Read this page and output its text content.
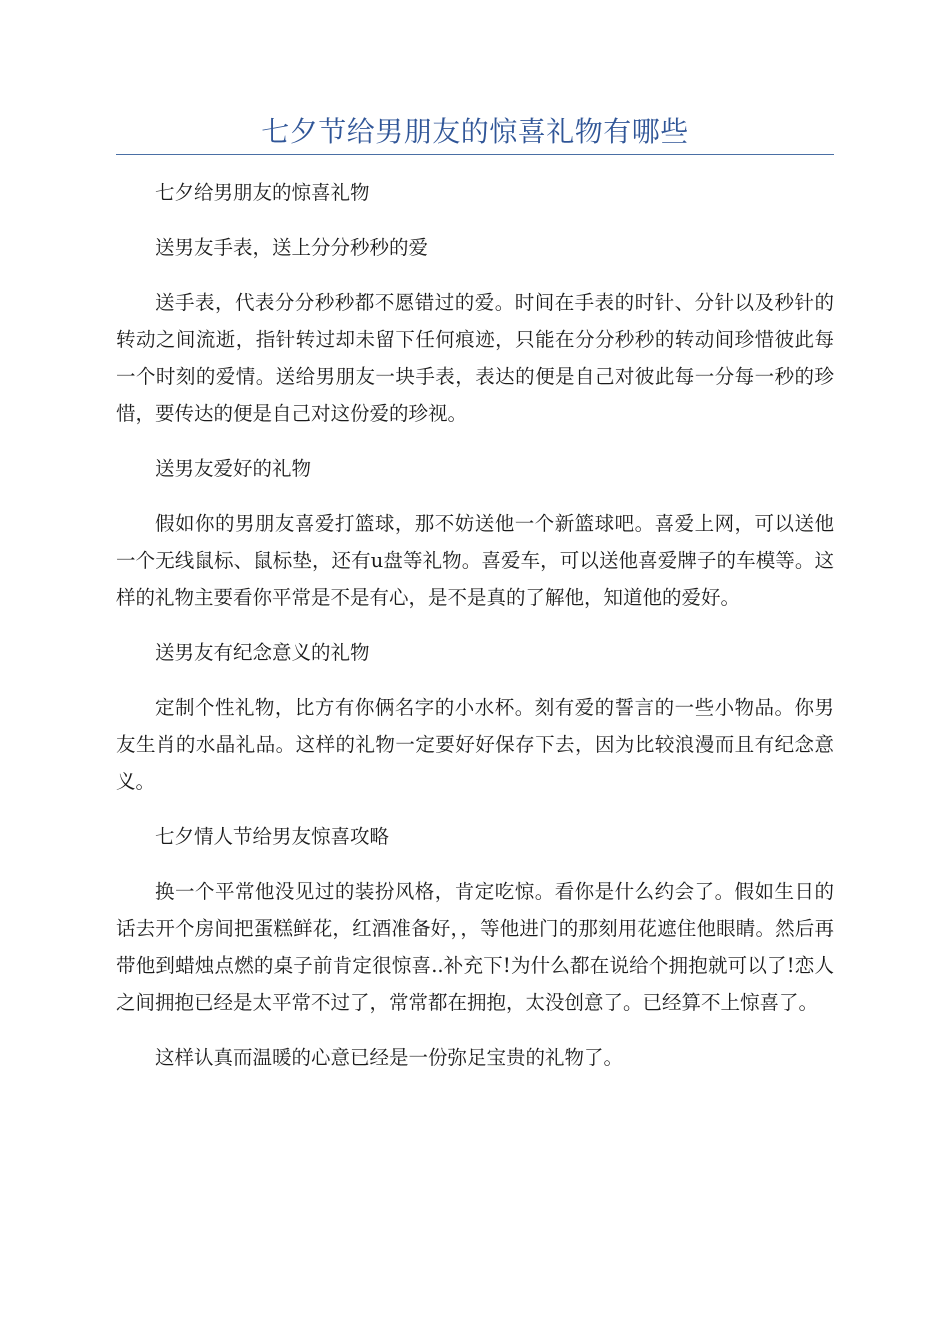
七夕节给男朋友的惊喜礼物有哪些

七夕给男朋友的惊喜礼物

送男友手表，送上分分秒秒的爱

送手表，代表分分秒秒都不愿错过的爱。时间在手表的时针、分针以及秒针的转动之间流逝，指针转过却未留下任何痕迹，只能在分分秒秒的转动间珍惜彼此每一个时刻的爱情。送给男朋友一块手表，表达的便是自己对彼此每一分每一秒的珍惜，要传达的便是自己对这份爱的珍视。

送男友爱好的礼物

假如你的男朋友喜爱打篮球，那不妨送他一个新篮球吧。喜爱上网，可以送他一个无线鼠标、鼠标垫，还有u盘等礼物。喜爱车，可以送他喜爱牌子的车模等。这样的礼物主要看你平常是不是有心，是不是真的了解他，知道他的爱好。

送男友有纪念意义的礼物

定制个性礼物，比方有你俩名字的小水杯。刻有爱的誓言的一些小物品。你男友生肖的水晶礼品。这样的礼物一定要好好保存下去，因为比较浪漫而且有纪念意义。

七夕情人节给男友惊喜攻略

换一个平常他没见过的装扮风格，肯定吃惊。看你是什么约会了。假如生日的话去开个房间把蛋糕鲜花，红酒准备好，，等他进门的那刻用花遮住他眼睛。然后再带他到蜡烛点燃的桌子前肯定很惊喜..补充下!为什么都在说给个拥抱就可以了!恋人之间拥抱已经是太平常不过了，常常都在拥抱，太没创意了。已经算不上惊喜了。

这样认真而温暖的心意已经是一份弥足宝贵的礼物了。
